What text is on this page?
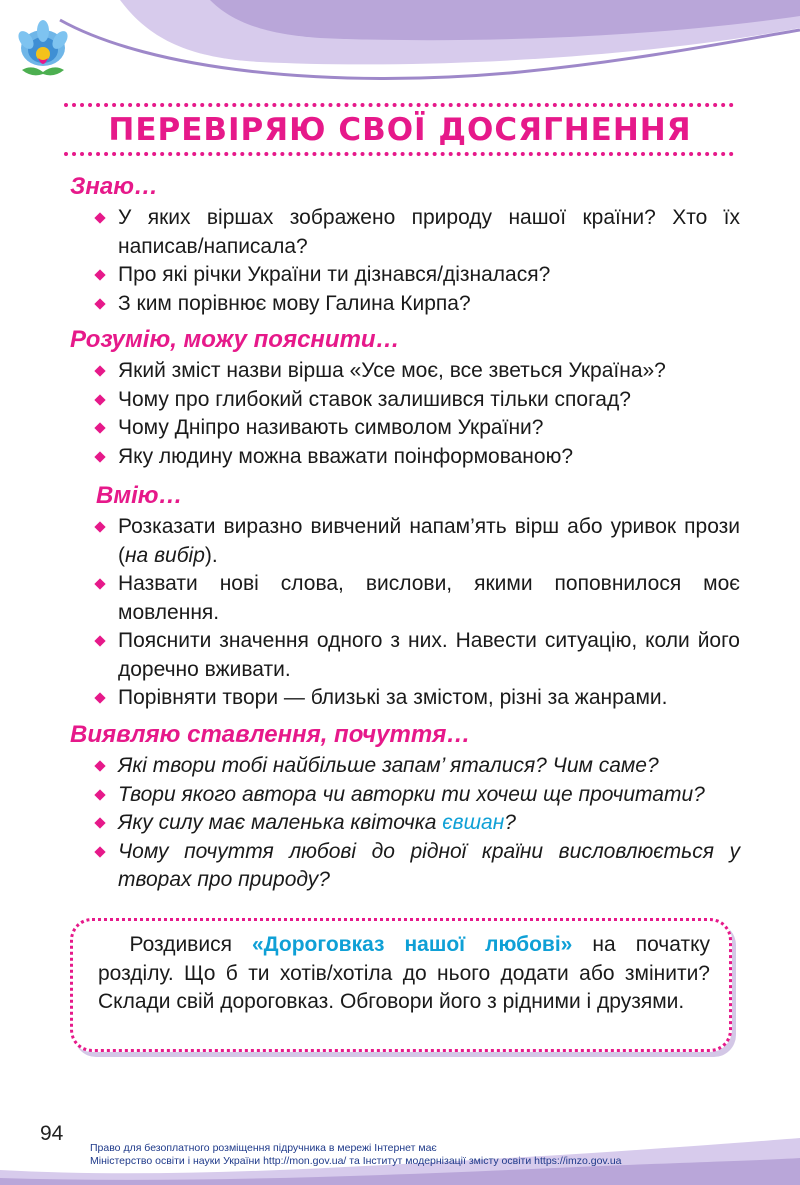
ПЕРЕВІРЯЮ СВОЇ ДОСЯГНЕННЯ
Знаю…
У яких віршах зображено природу нашої країни? Хто їх написав/написала?
Про які річки України ти дізнався/дізналася?
З ким порівнює мову Галина Кирпа?
Розумію, можу пояснити…
Який зміст назви вірша «Усе моє, все зветься Україна»?
Чому про глибокий ставок залишився тільки спогад?
Чому Дніпро називають символом України?
Яку людину можна вважати поінформованою?
Вмію…
Розказати виразно вивчений напам’ять вірш або уривок прози (на вибір).
Назвати нові слова, вислови, якими поповнилося моє мовлення.
Пояснити значення одного з них. Навести ситуацію, коли його доречно вживати.
Порівняти твори — близькі за змістом, різні за жанрами.
Виявляю ставлення, почуття…
Які твори тобі найбільше запам’ яталися? Чим саме?
Твори якого автора чи авторки ти хочеш ще прочитати?
Яку силу має маленька квіточка євшан?
Чому почуття любові до рідної країни висловлюється у творах про природу?

  Роздивися «Дороговказ нашої любові» на початку розділу. Що б ти хотів/хотіла до нього додати або змінити? Склади свій дороговказ. Обговори його з рідними і друзями.

94
Право для безоплатного розміщення підручника в мережі Інтернет має
Міністерство освіти і науки України http://mon.gov.ua/ та Інститут модернізації змісту освіти https://imzo.gov.ua
